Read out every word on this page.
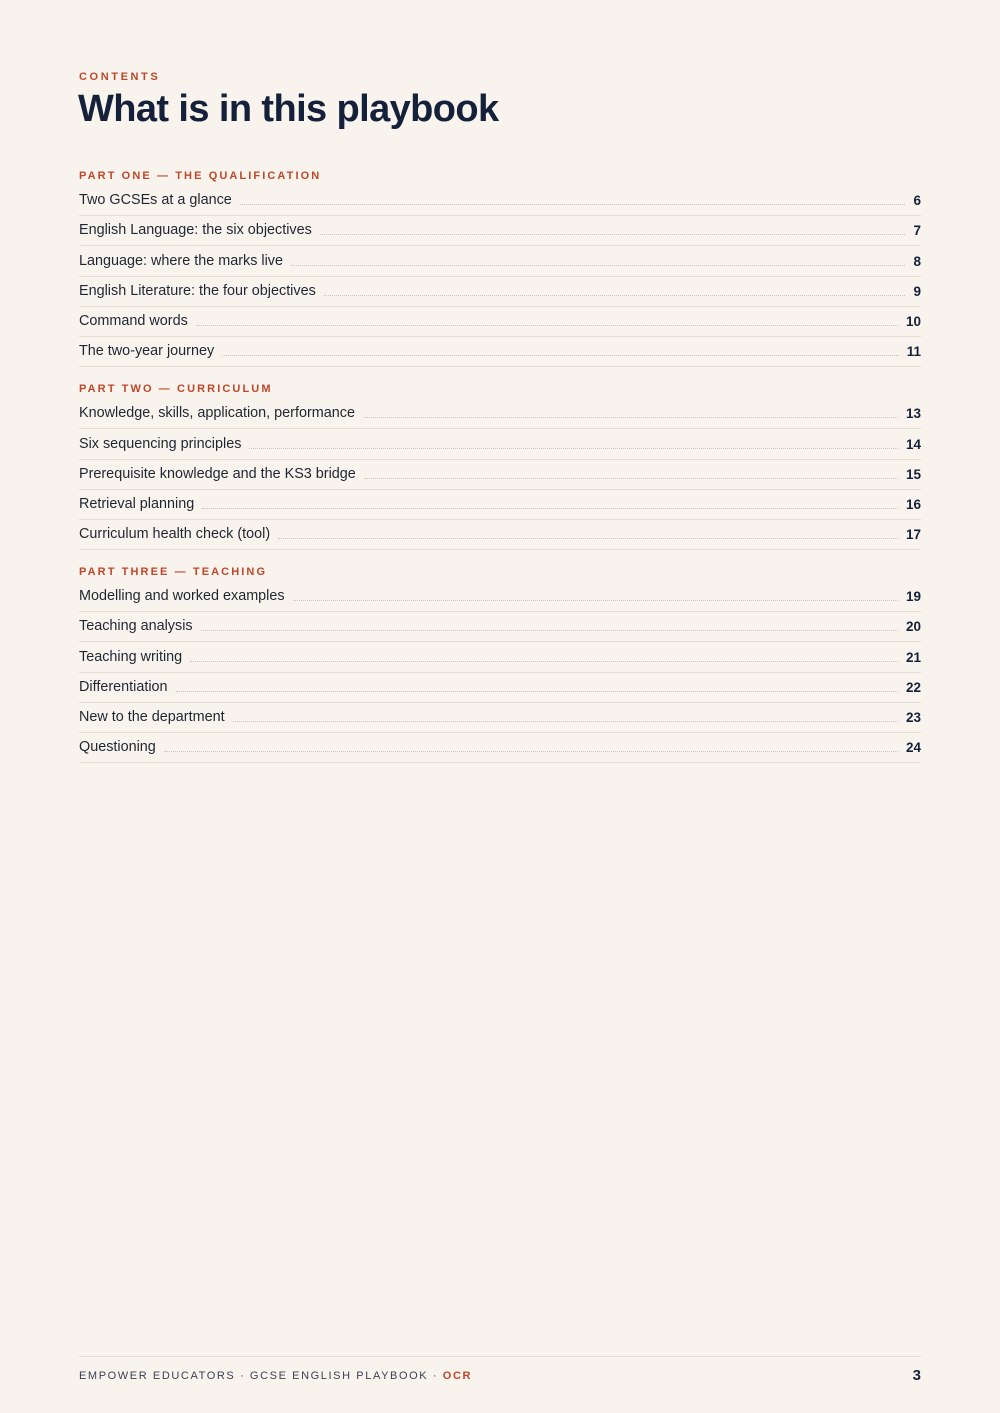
CONTENTS
What is in this playbook
PART ONE — THE QUALIFICATION
Two GCSEs at a glance	6
English Language: the six objectives	7
Language: where the marks live	8
English Literature: the four objectives	9
Command words	10
The two-year journey	11
PART TWO — CURRICULUM
Knowledge, skills, application, performance	13
Six sequencing principles	14
Prerequisite knowledge and the KS3 bridge	15
Retrieval planning	16
Curriculum health check (tool)	17
PART THREE — TEACHING
Modelling and worked examples	19
Teaching analysis	20
Teaching writing	21
Differentiation	22
New to the department	23
Questioning	24
EMPOWER EDUCATORS · GCSE ENGLISH PLAYBOOK · OCR	3
